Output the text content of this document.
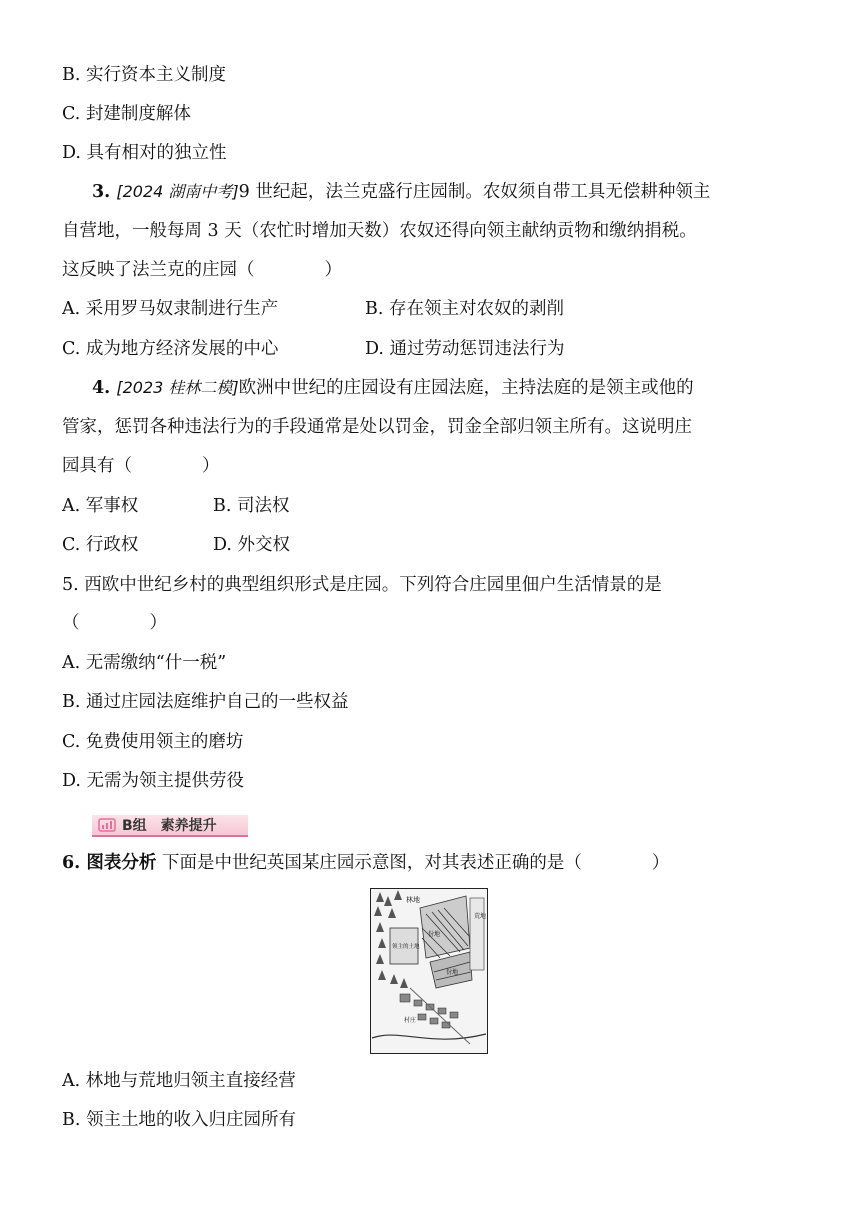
B. 实行资本主义制度
C. 封建制度解体
D. 具有相对的独立性
3. [2024 湖南中考]9 世纪起，法兰克盛行庄园制。农奴须自带工具无偿耕种领主
自营地，一般每周 3 天（农忙时增加天数）农奴还得向领主献纳贡物和缴纳捐税。
这反映了法兰克的庄园（　　　　）
A. 采用罗马奴隶制进行生产	B. 存在领主对农奴的剥削
C. 成为地方经济发展的中心	D. 通过劳动惩罚违法行为
4. [2023 桂林二模]欧洲中世纪的庄园设有庄园法庭，主持法庭的是领主或他的
管家，惩罚各种违法行为的手段通常是处以罚金，罚金全部归领主所有。这说明庄
园具有（　　　　）
A. 军事权	B. 司法权
C. 行政权	D. 外交权
5. 西欧中世纪乡村的典型组织形式是庄园。下列符合庄园里佃户生活情景的是
（　　　　）
A. 无需缴纳“什一税”
B. 通过庄园法庭维护自己的一些权益
C. 免费使用领主的磨坊
D. 无需为领主提供劳役
B组 素养提升
6. 图表分析 下面是中世纪英国某庄园示意图，对其表述正确的是（　　　　）
林地
荒地
份地
份地
领主的土地
村庄
A. 林地与荒地归领主直接经营
B. 领主土地的收入归庄园所有
